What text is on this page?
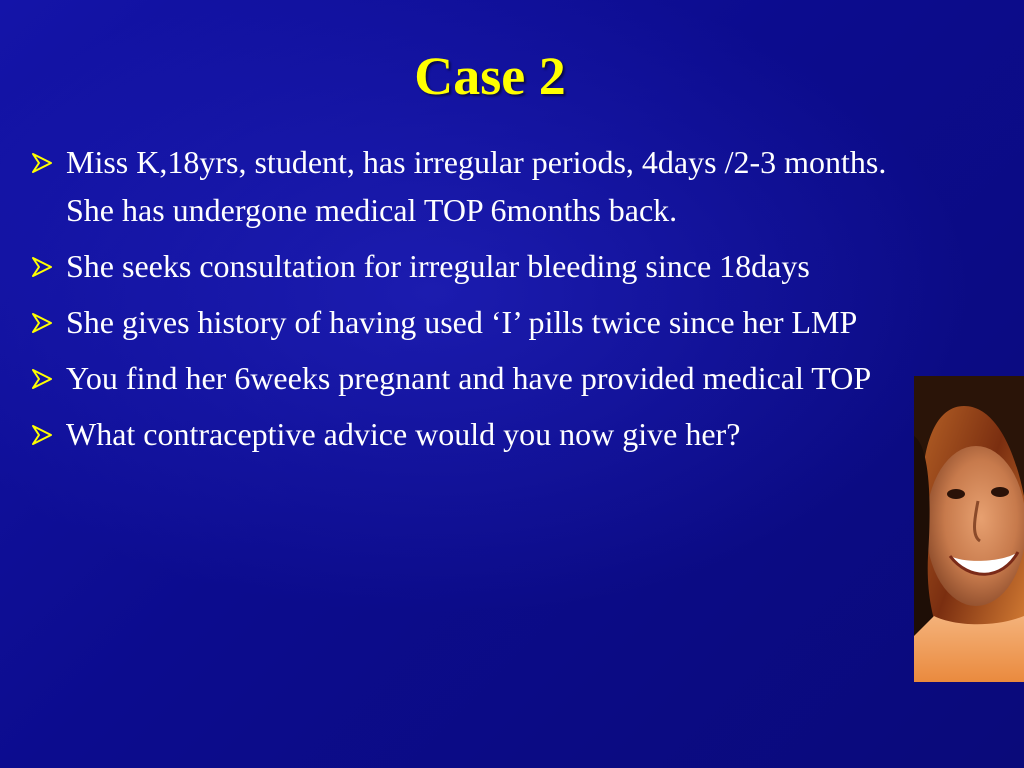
Case 2
Miss K,18yrs, student, has irregular periods, 4days /2-3 months. She has undergone medical TOP 6months back.
She seeks consultation for irregular bleeding since 18days
She gives history of having used ‘I’ pills twice since her LMP
You find her 6weeks pregnant and have provided medical TOP
What contraceptive advice would you now give her?
